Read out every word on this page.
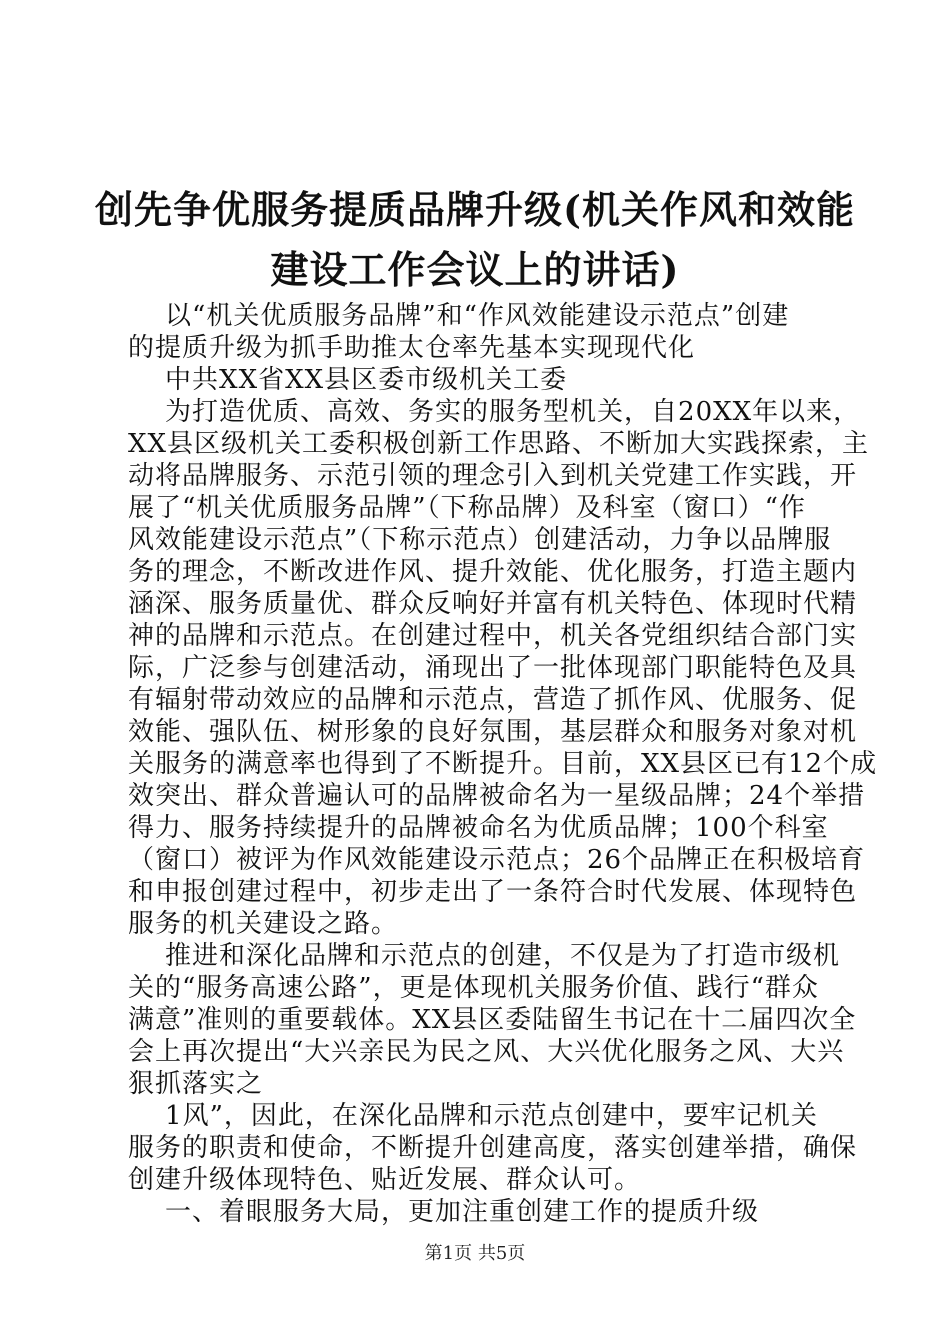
创先争优服务提质品牌升级(机关作风和效能
建设工作会议上的讲话)
以“机关优质服务品牌”和“作风效能建设示范点”创建
的提质升级为抓手助推太仓率先基本实现现代化
中共XX省XX县区委市级机关工委
为打造优质、高效、务实的服务型机关，自20XX年以来，
XX县区级机关工委积极创新工作思路、不断加大实践探索，主
动将品牌服务、示范引领的理念引入到机关党建工作实践，开
展了“机关优质服务品牌”（下称品牌）及科室（窗口）“作
风效能建设示范点”（下称示范点）创建活动，力争以品牌服
务的理念，不断改进作风、提升效能、优化服务，打造主题内
涵深、服务质量优、群众反响好并富有机关特色、体现时代精
神的品牌和示范点。在创建过程中，机关各党组织结合部门实
际，广泛参与创建活动，涌现出了一批体现部门职能特色及具
有辐射带动效应的品牌和示范点，营造了抓作风、优服务、促
效能、强队伍、树形象的良好氛围，基层群众和服务对象对机
关服务的满意率也得到了不断提升。目前，XX县区已有12个成
效突出、群众普遍认可的品牌被命名为一星级品牌；24个举措
得力、服务持续提升的品牌被命名为优质品牌；100个科室
（窗口）被评为作风效能建设示范点；26个品牌正在积极培育
和申报创建过程中，初步走出了一条符合时代发展、体现特色
服务的机关建设之路。
推进和深化品牌和示范点的创建，不仅是为了打造市级机
关的“服务高速公路”，更是体现机关服务价值、践行“群众
满意”准则的重要载体。XX县区委陆留生书记在十二届四次全
会上再次提出“大兴亲民为民之风、大兴优化服务之风、大兴
狠抓落实之
1风”，因此，在深化品牌和示范点创建中，要牢记机关
服务的职责和使命，不断提升创建高度，落实创建举措，确保
创建升级体现特色、贴近发展、群众认可。
一、着眼服务大局，更加注重创建工作的提质升级
第1页 共5页
